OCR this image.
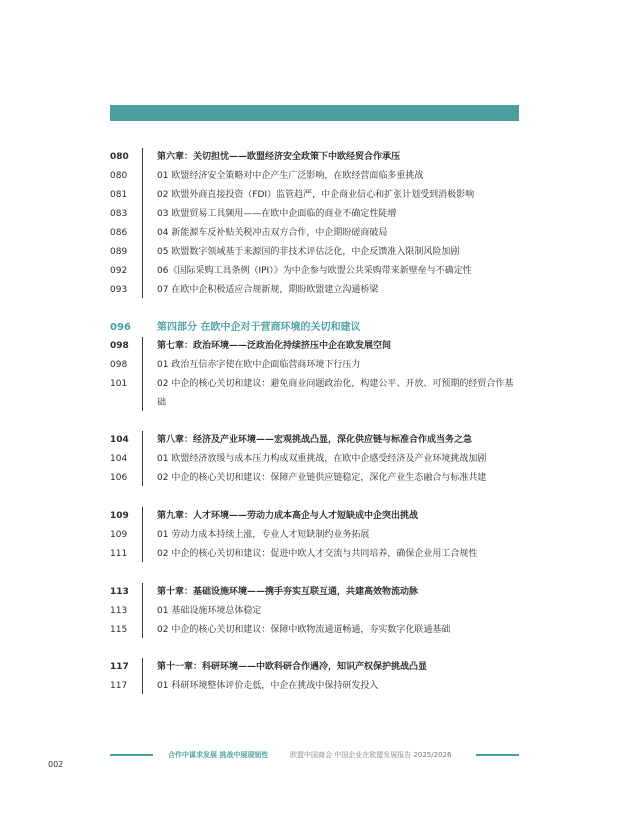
080	第六章：关切担忧——欧盟经济安全政策下中欧经贸合作承压
080	01 欧盟经济安全策略对中企产生广泛影响，在欧经营面临多重挑战
081	02 欧盟外商直接投资（FDI）监管趋严，中企商业信心和扩张计划受到消极影响
083	03 欧盟贸易工具频用——在欧中企面临的商业不确定性陡增
086	04 新能源车反补贴关税冲击双方合作，中企期盼磋商破局
089	05 欧盟数字领域基于来源国的非技术评估泛化，中企反馈准入限制风险加剧
092	06《国际采购工具条例（IPI）》为中企参与欧盟公共采购带来新壁垒与不确定性
093	07 在欧中企积极适应合规新规，期盼欧盟建立沟通桥梁
096	第四部分 在欧中企对于营商环境的关切和建议
098	第七章：政治环境——泛政治化持续挤压中企在欧发展空间
098	01 政治互信赤字使在欧中企面临营商环境下行压力
101	02 中企的核心关切和建议：避免商业问题政治化，构建公平、开放、可预期的经贸合作基础
104	第八章：经济及产业环境——宏观挑战凸显，深化供应链与标准合作成当务之急
104	01 欧盟经济放缓与成本压力构成双重挑战，在欧中企感受经济及产业环境挑战加剧
106	02 中企的核心关切和建议：保障产业链供应链稳定，深化产业生态融合与标准共建
109	第九章：人才环境——劳动力成本高企与人才短缺成中企突出挑战
109	01 劳动力成本持续上涨，专业人才短缺制约业务拓展
111	02 中企的核心关切和建议：促进中欧人才交流与共同培养，确保企业用工合规性
113	第十章：基础设施环境——携手夯实互联互通，共建高效物流动脉
113	01 基础设施环境总体稳定
115	02 中企的核心关切和建议：保障中欧物流通道畅通，夯实数字化联通基础
117	第十一章：科研环境——中欧科研合作遇冷，知识产权保护挑战凸显
117	01 科研环境整体评价走低，中企在挑战中保持研发投入
合作中谋求发展 挑战中展现韧性	欧盟中国商会 中国企业在欧盟发展报告 2025/2026
002
